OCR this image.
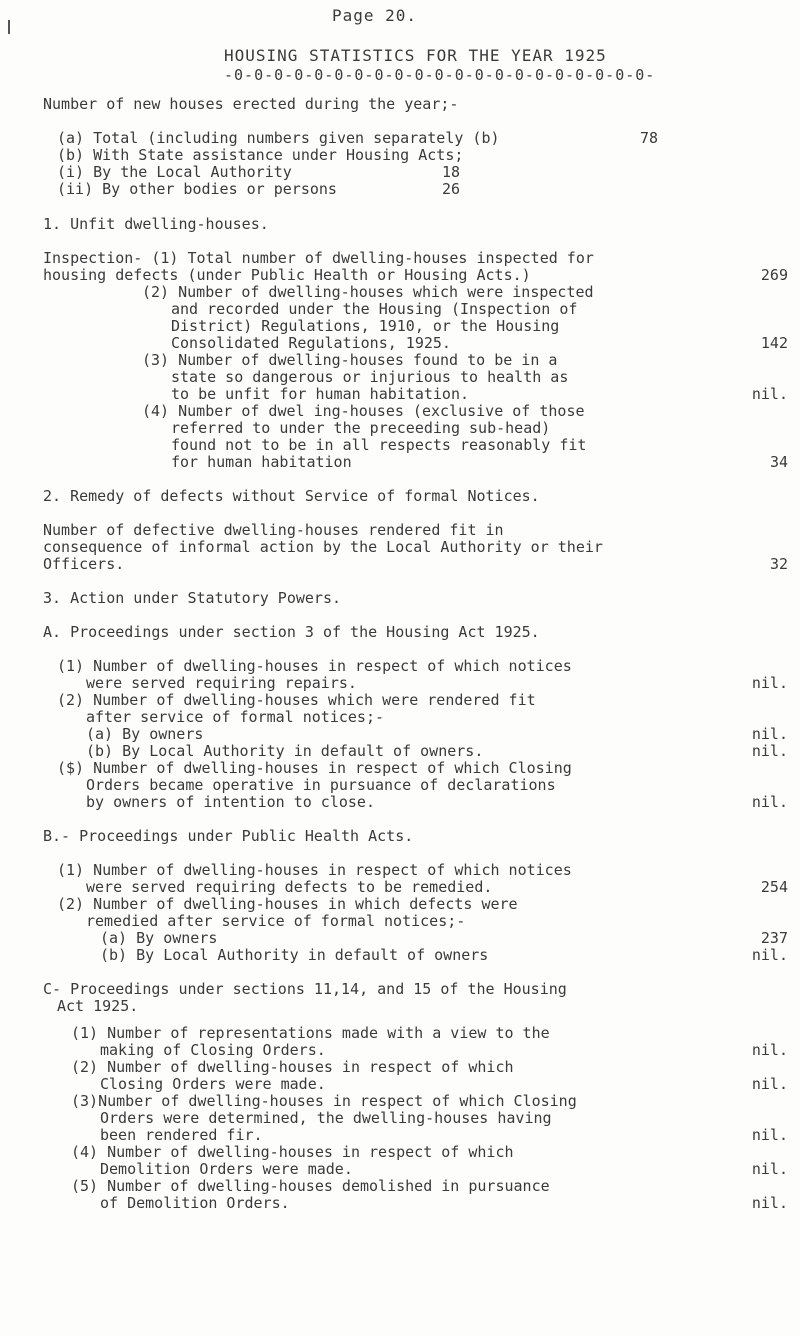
Page 20.
HOUSING STATISTICS FOR THE YEAR 1925
-0-0-0-0-0-0-0-0-0-0-0-0-0-0-0-0-0-0-0-0-0-
Number of new houses erected during the year;-
(a) Total (including numbers given separately (b)	78
(b) With State assistance under Housing Acts;
(i) By the Local Authority	18
(ii) By other bodies or persons	26
1. Unfit dwelling-houses.
Inspection- (1) Total number of dwelling-houses inspected for
housing defects (under Public Health or Housing Acts.)	269
(2) Number of dwelling-houses which were inspected
and recorded under the Housing (Inspection of
District) Regulations, 1910, or the Housing
Consolidated Regulations, 1925.	142
(3) Number of dwelling-houses found to be in a
state so dangerous or injurious to health as
to be unfit for human habitation.	nil.
(4) Number of dwel ing-houses (exclusive of those
referred to under the preceeding sub-head)
found not to be in all respects reasonably fit
for human habitation	34
2. Remedy of defects without Service of formal Notices.
Number of defective dwelling-houses rendered fit in
consequence of informal action by the Local Authority or their
Officers.	32
3. Action under Statutory Powers.
A. Proceedings under section 3 of the Housing Act 1925.
(1) Number of dwelling-houses in respect of which notices
were served requiring repairs.	nil.
(2) Number of dwelling-houses which were rendered fit
after service of formal notices;-
(a) By owners	nil.
(b) By Local Authority in default of owners.	nil.
($) Number of dwelling-houses in respect of which Closing
Orders became operative in pursuance of declarations
by owners of intention to close.	nil.
B.- Proceedings under Public Health Acts.
(1) Number of dwelling-houses in respect of which notices
were served requiring defects to be remedied.	254
(2) Number of dwelling-houses in which defects were
remedied after service of formal notices;-
(a) By owners	237
(b) By Local Authority in default of owners	nil.
C- Proceedings under sections 11,14, and 15 of the Housing
Act 1925.
(1) Number of representations made with a view to the
making of Closing Orders.	nil.
(2) Number of dwelling-houses in respect of which
Closing Orders were made.	nil.
(3)Number of dwelling-houses in respect of which Closing
Orders were determined, the dwelling-houses having
been rendered fir.	nil.
(4) Number of dwelling-houses in respect of which
Demolition Orders were made.	nil.
(5) Number of dwelling-houses demolished in pursuance
of Demolition Orders.	nil.
